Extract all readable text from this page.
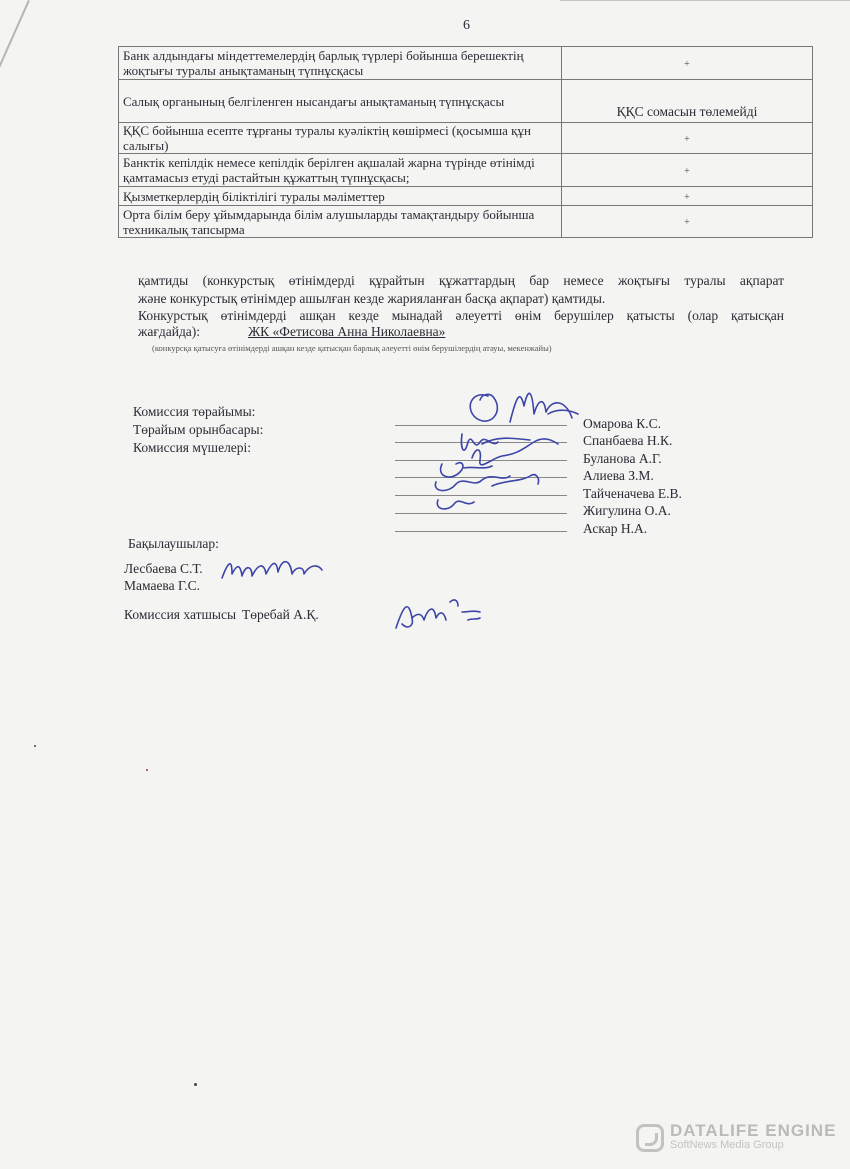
6
Банк алдындағы міндеттемелердің барлық түрлері бойынша берешектің жоқтығы туралы анықтаманың түпнұсқасы	+
Салық органының белгіленген нысандағы анықтаманың түпнұсқасы	ҚҚС сомасын төлемейді
ҚҚС бойынша есепте тұрғаны туралы куәліктің көшірмесі (қосымша құн салығы)	+
Банктік кепілдік немесе кепілдік берілген ақшалай жарна түрінде өтінімді қамтамасыз етуді растайтын құжаттың түпнұсқасы;	+
Қызметкерлердің біліктілігі туралы мәліметтер	+
Орта білім беру ұйымдарында білім алушыларды тамақтандыру бойынша техникалық тапсырма	+
қамтиды (конкурстық өтінімдерді құрайтын құжаттардың бар немесе жоқтығы туралы ақпарат
және конкурстық өтінімдер ашылған кезде жарияланған басқа ақпарат) қамтиды.
Конкурстық өтінімдерді ашқан кезде мынадай әлеуетті өнім берушілер қатысты (олар қатысқан
жағдайда):	ЖК «Фетисова Анна Николаевна»
(конкурсқа қатысуға өтінімдерді ашқан кезде қатысқан барлық әлеуетті өнім берушілердің атауы, мекенжайы)
Комиссия төрайымы:
Төрайым орынбасары:
Комиссия мүшелері:
Омарова К.С.
Спанбаева Н.К.
Буланова А.Г.
Алиева З.М.
Тайченачева Е.В.
Жигулина О.А.
Аскар Н.А.
Бақылаушылар:
Лесбаева С.Т.
Мамаева Г.С.
Комиссия хатшысы Төребай А.Қ.
DATALIFE ENGINE
SoftNews Media Group
